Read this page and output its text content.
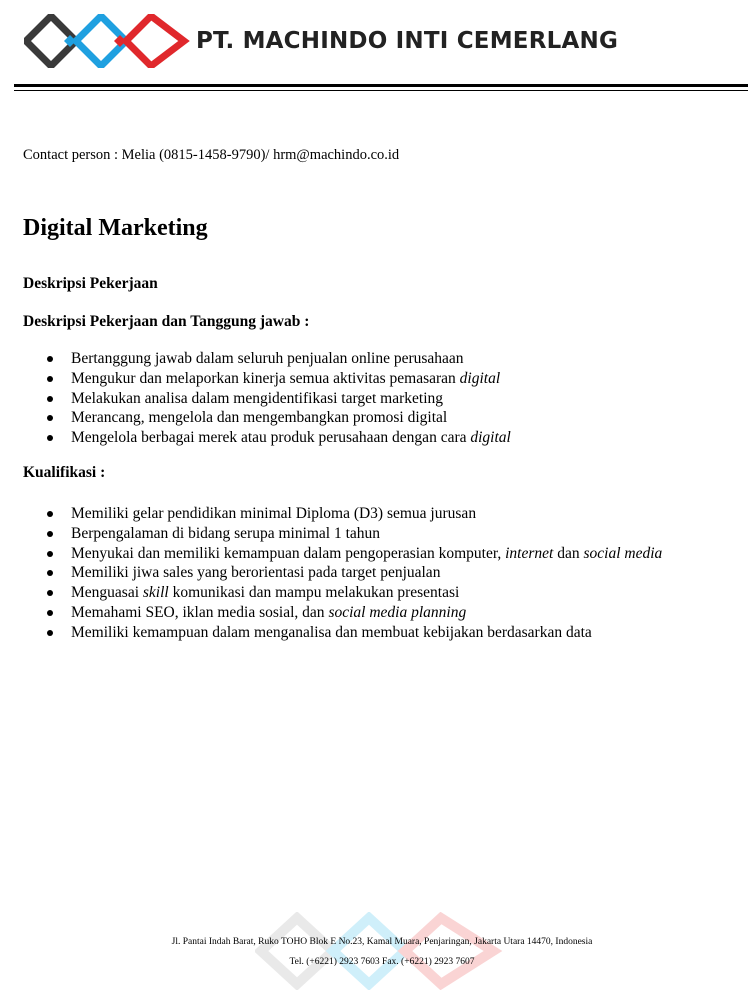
PT. MACHINDO INTI CEMERLANG
Contact person : Melia (0815-1458-9790)/ hrm@machindo.co.id
Digital Marketing
Deskripsi Pekerjaan
Deskripsi Pekerjaan dan Tanggung jawab :
Bertanggung jawab dalam seluruh penjualan online perusahaan
Mengukur dan melaporkan kinerja semua aktivitas pemasaran digital
Melakukan analisa dalam mengidentifikasi target marketing
Merancang, mengelola dan mengembangkan promosi digital
Mengelola berbagai merek atau produk perusahaan dengan cara digital
Kualifikasi :
Memiliki gelar pendidikan minimal Diploma (D3) semua jurusan
Berpengalaman di bidang serupa minimal 1 tahun
Menyukai dan memiliki kemampuan dalam pengoperasian komputer, internet dan social media
Memiliki jiwa sales yang berorientasi pada target penjualan
Menguasai skill komunikasi dan mampu melakukan presentasi
Memahami SEO, iklan media sosial, dan social media planning
Memiliki kemampuan dalam menganalisa dan membuat kebijakan berdasarkan data
Jl. Pantai Indah Barat, Ruko TOHO Blok E No.23, Kamal Muara, Penjaringan, Jakarta Utara 14470, Indonesia
Tel. (+6221) 2923 7603 Fax. (+6221) 2923 7607
